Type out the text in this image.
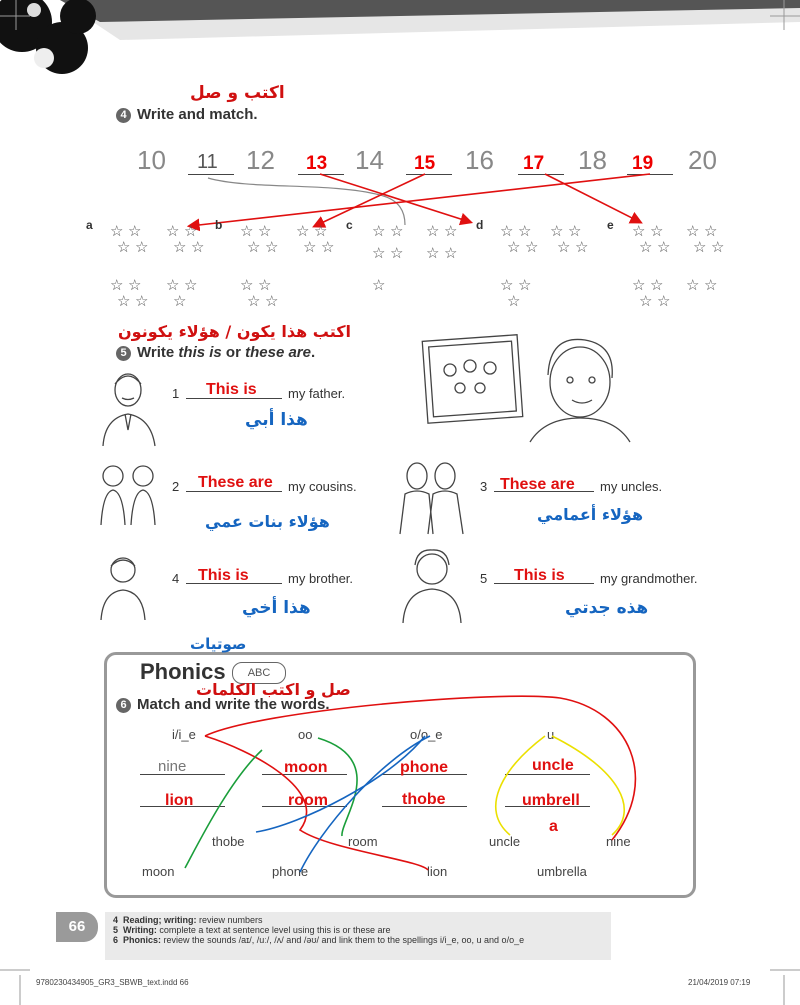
اكتب و صل
4 Write and match.
10	12	14	16	18	20
11	13	15	17	19
a	b	c	d	e
☆ ☆ ☆ ☆
☆ ☆ ☆ ☆
☆ ☆ ☆ ☆
☆ ☆ ☆
☆ ☆ ☆ ☆
☆ ☆ ☆ ☆
☆ ☆
☆ ☆
☆ ☆ ☆ ☆
☆ ☆ ☆ ☆
☆
☆ ☆ ☆ ☆
☆ ☆ ☆ ☆
☆ ☆
☆
☆ ☆ ☆ ☆
☆ ☆ ☆ ☆
☆ ☆ ☆ ☆
☆ ☆
اكتب هذا يكون / هؤلاء يكونون
5 Write this is or these are.
1 This is my father.
هذا أبي
2 These are my cousins.
هؤلاء بنات عمي
3 These are my uncles.
هؤلاء أعمامي
4 This is	my brother.
هذا أخي
5 This is	my grandmother.
هذه جدتي
صوتيات
Phonics	ABC
صل و اكتب الكلمات
6 Match and write the words.
i/i_e	oo	o/o_e	u
nine	moon	phone	uncle
lion	room	thobe	umbrell
a
thobe	room	uncle	nine
moon	phone	lion	umbrella
66	4 Reading; writing: review numbers
5 Writing: complete a text at sentence level using this is or these are
6 Phonics: review the sounds /aɪ/, /uː/, /ʌ/ and /əʊ/ and link them to the spellings i/i_e, oo, u and o/o_e
9780230434905_GR3_SBWB_text.indd 66	21/04/2019 07:19
